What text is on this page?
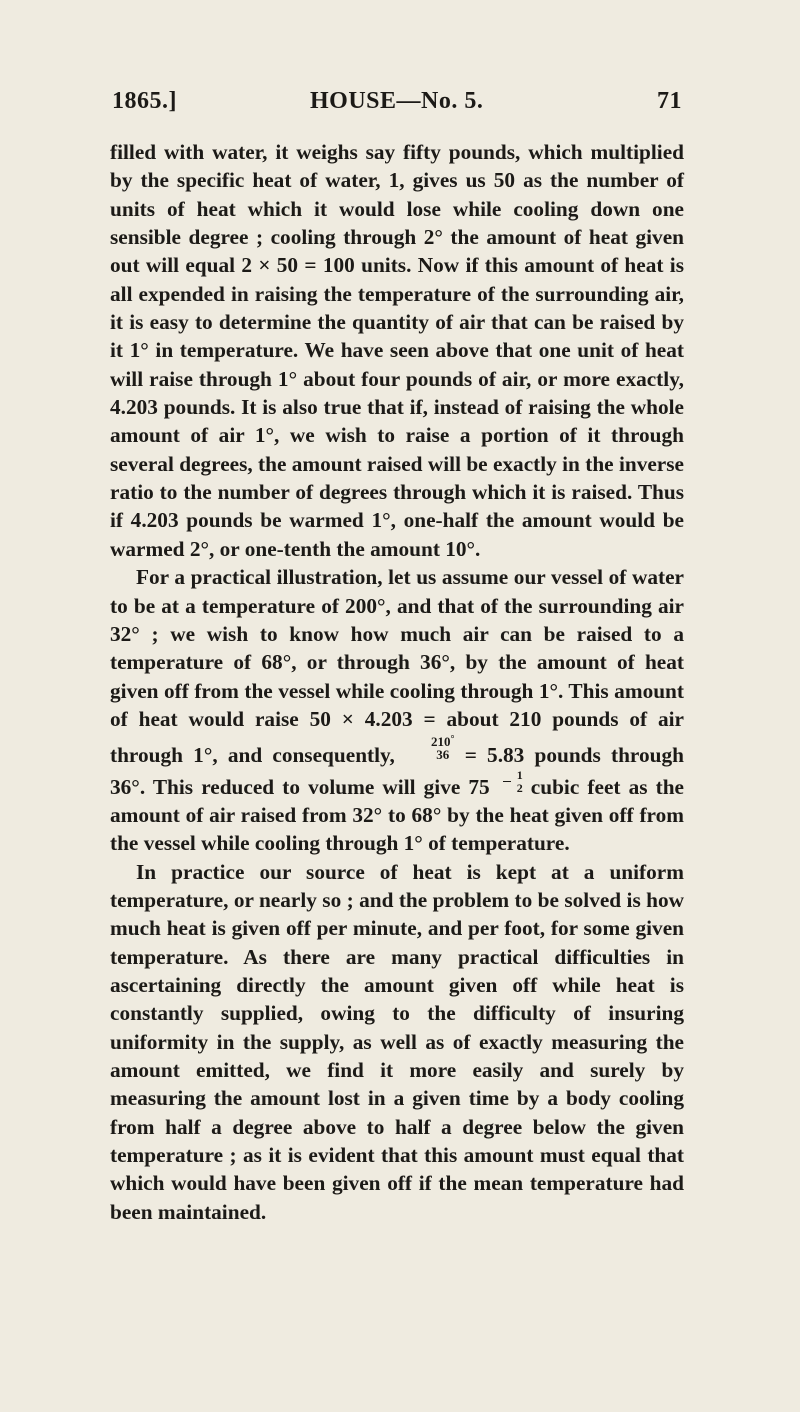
1865.]	HOUSE—No. 5.	71

filled with water, it weighs say fifty pounds, which multiplied by the specific heat of water, 1, gives us 50 as the number of units of heat which it would lose while cooling down one sensible degree ; cooling through 2° the amount of heat given out will equal 2 × 50 = 100 units. Now if this amount of heat is all expended in raising the temperature of the surrounding air, it is easy to determine the quantity of air that can be raised by it 1° in temperature. We have seen above that one unit of heat will raise through 1° about four pounds of air, or more exactly, 4.203 pounds. It is also true that if, instead of raising the whole amount of air 1°, we wish to raise a portion of it through several degrees, the amount raised will be exactly in the inverse ratio to the number of degrees through which it is raised. Thus if 4.203 pounds be warmed 1°, one-half the amount would be warmed 2°, or one-tenth the amount 10°.

For a practical illustration, let us assume our vessel of water to be at a temperature of 200°, and that of the surrounding air 32° ; we wish to know how much air can be raised to a temperature of 68°, or through 36°, by the amount of heat given off from the vessel while cooling through 1°. This amount of heat would raise 50 × 4.203 = about 210 pounds of air through 1°, and consequently,
210°
36 = 5.83 pounds through 36°. This reduced to volume will give $75 \frac{1}{2}$ cubic feet as the amount of air raised from 32° to 68° by the heat given off from the vessel while cooling through 1° of temperature.

In practice our source of heat is kept at a uniform temperature, or nearly so ; and the problem to be solved is how much heat is given off per minute, and per foot, for some given temperature. As there are many practical difficulties in ascertaining directly the amount given off while heat is constantly supplied, owing to the difficulty of insuring uniformity in the supply, as well as of exactly measuring the amount emitted, we find it more easily and surely by measuring the amount lost in a given time by a body cooling from half a degree above to half a degree below the given temperature ; as it is evident that this amount must equal that which would have been given off if the mean temperature had been maintained.
